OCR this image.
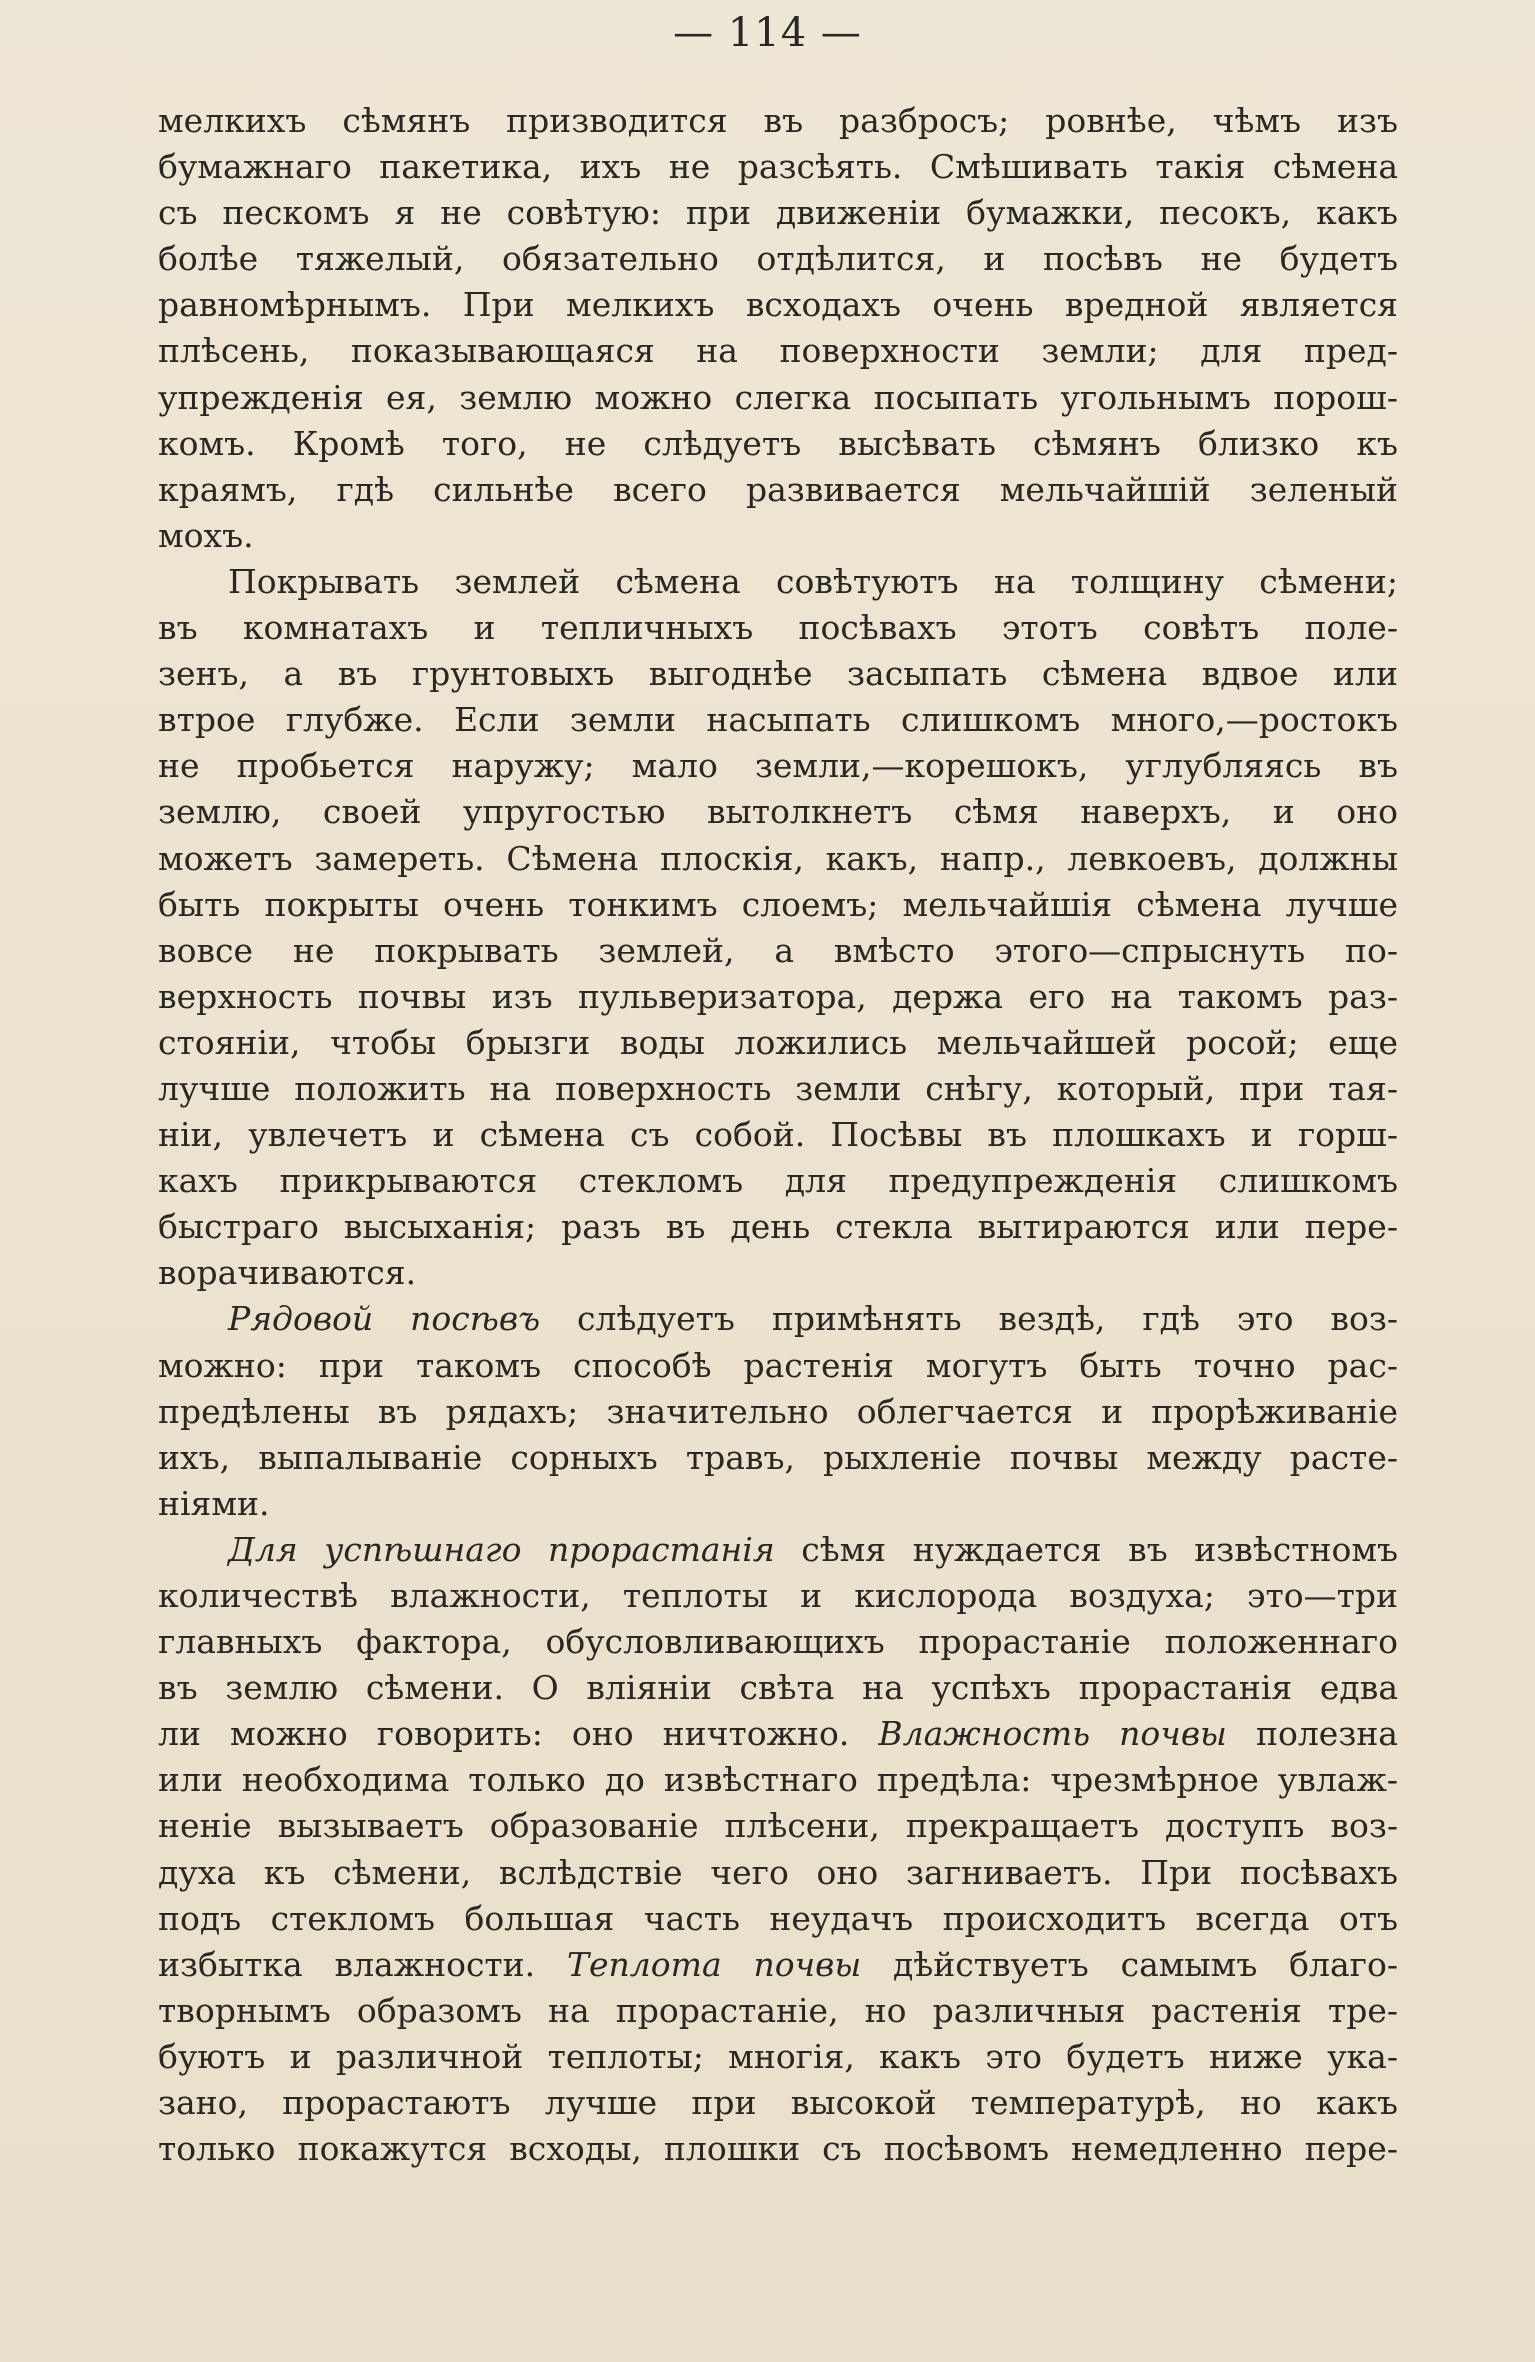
— 114 —
мелкихъ сѣмянъ призводится въ разбросъ; ровнѣе, чѣмъ изъ
бумажнаго пакетика, ихъ не разсѣять. Смѣшивать такія сѣмена
съ пескомъ я не совѣтую: при движеніи бумажки, песокъ, какъ
болѣе тяжелый, обязательно отдѣлится, и посѣвъ не будетъ
равномѣрнымъ. При мелкихъ всходахъ очень вредной является
плѣсень, показывающаяся на поверхности земли; для пред-
упрежденія ея, землю можно слегка посыпать угольнымъ порош-
комъ. Кромѣ того, не слѣдуетъ высѣвать сѣмянъ близко къ
краямъ, гдѣ сильнѣе всего развивается мельчайшій зеленый
мохъ.
Покрывать землей сѣмена совѣтуютъ на толщину сѣмени;
въ комнатахъ и тепличныхъ посѣвахъ этотъ совѣтъ поле-
зенъ, а въ грунтовыхъ выгоднѣе засыпать сѣмена вдвое или
втрое глубже. Если земли насыпать слишкомъ много,—ростокъ
не пробьется наружу; мало земли,—корешокъ, углубляясь въ
землю, своей упругостью вытолкнетъ сѣмя наверхъ, и оно
можетъ замереть. Сѣмена плоскія, какъ, напр., левкоевъ, должны
быть покрыты очень тонкимъ слоемъ; мельчайшія сѣмена лучше
вовсе не покрывать землей, а вмѣсто этого—спрыснуть по-
верхность почвы изъ пульверизатора, держа его на такомъ раз-
стояніи, чтобы брызги воды ложились мельчайшей росой; еще
лучше положить на поверхность земли снѣгу, который, при тая-
ніи, увлечетъ и сѣмена съ собой. Посѣвы въ плошкахъ и горш-
кахъ прикрываются стекломъ для предупрежденія слишкомъ
быстраго высыханія; разъ въ день стекла вытираются или пере-
ворачиваются.
Рядовой посѣвъ слѣдуетъ примѣнять вездѣ, гдѣ это воз-
можно: при такомъ способѣ растенія могутъ быть точно рас-
предѣлены въ рядахъ; значительно облегчается и прорѣживаніе
ихъ, выпалываніе сорныхъ травъ, рыхленіе почвы между расте-
ніями.
Для успѣшнаго прорастанія сѣмя нуждается въ извѣстномъ
количествѣ влажности, теплоты и кислорода воздуха; это—три
главныхъ фактора, обусловливающихъ прорастаніе положеннаго
въ землю сѣмени. О вліяніи свѣта на успѣхъ прорастанія едва
ли можно говорить: оно ничтожно. Влажность почвы полезна
или необходима только до извѣстнаго предѣла: чрезмѣрное увлаж-
неніе вызываетъ образованіе плѣсени, прекращаетъ доступъ воз-
духа къ сѣмени, вслѣдствіе чего оно загниваетъ. При посѣвахъ
подъ стекломъ большая часть неудачъ происходитъ всегда отъ
избытка влажности. Теплота почвы дѣйствуетъ самымъ благо-
творнымъ образомъ на прорастаніе, но различныя растенія тре-
буютъ и различной теплоты; многія, какъ это будетъ ниже ука-
зано, прорастаютъ лучше при высокой температурѣ, но какъ
только покажутся всходы, плошки съ посѣвомъ немедленно пере-
